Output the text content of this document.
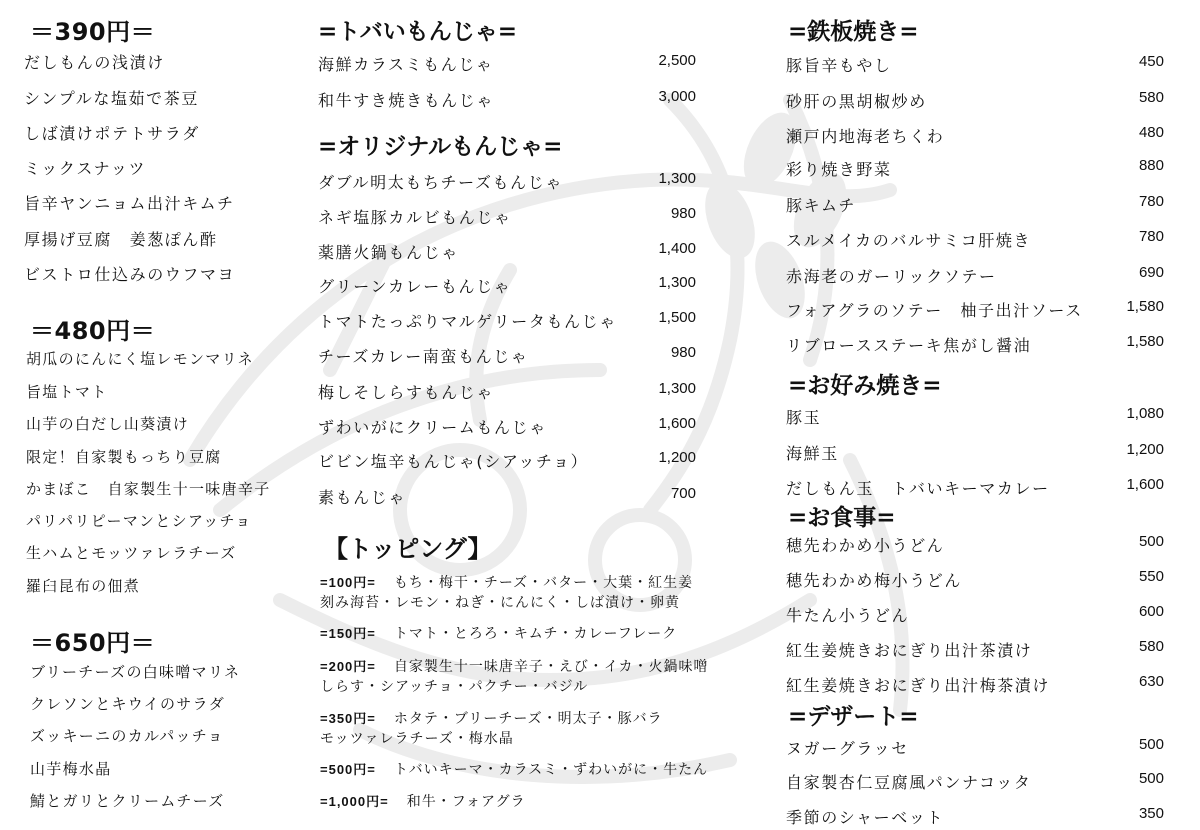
＝390円＝
だしもんの浅漬け
シンプルな塩茹で茶豆
しば漬けポテトサラダ
ミックスナッツ
旨辛ヤンニョム出汁キムチ
厚揚げ豆腐　姜葱ぽん酢
ビストロ仕込みのウフマヨ
＝480円＝
胡瓜のにんにく塩レモンマリネ
旨塩トマト
山芋の白だし山葵漬け
限定！自家製もっちり豆腐
かまぼこ　自家製生十一味唐辛子
パリパリピーマンとシアッチョ
生ハムとモッツァレラチーズ
羅臼昆布の佃煮
＝650円＝
ブリーチーズの白味噌マリネ
クレソンとキウイのサラダ
ズッキーニのカルパッチョ
山芋梅水晶
鯖とガリとクリームチーズ
=トバいもんじゃ=
海鮮カラスミもんじゃ	2,500
和牛すき焼きもんじゃ	3,000
=オリジナルもんじゃ=
ダブル明太もちチーズもんじゃ	1,300
ネギ塩豚カルビもんじゃ	980
薬膳火鍋もんじゃ	1,400
グリーンカレーもんじゃ	1,300
トマトたっぷりマルゲリータもんじゃ	1,500
チーズカレー南蛮もんじゃ	980
梅しそしらすもんじゃ	1,300
ずわいがにクリームもんじゃ	1,600
ビビン塩辛もんじゃ(シアッチョ）	1,200
素もんじゃ	700
【トッピング】
=100円= もち・梅干・チーズ・バター・大葉・紅生姜
刻み海苔・レモン・ねぎ・にんにく・しば漬け・卵黄
=150円= トマト・とろろ・キムチ・カレーフレーク
=200円= 自家製生十一味唐辛子・えび・イカ・火鍋味噌
しらす・シアッチョ・パクチー・バジル
=350円= ホタテ・ブリーチーズ・明太子・豚バラ
モッツァレラチーズ・梅水晶
=500円= トバいキーマ・カラスミ・ずわいがに・牛たん
=1,000円= 和牛・フォアグラ
=鉄板焼き=
豚旨辛もやし	450
砂肝の黒胡椒炒め	580
瀬戸内地海老ちくわ	480
彩り焼き野菜	880
豚キムチ	780
スルメイカのバルサミコ肝焼き	780
赤海老のガーリックソテー	690
フォアグラのソテー　柚子出汁ソース	1,580
リブロースステーキ焦がし醤油	1,580
=お好み焼き=
豚玉	1,080
海鮮玉	1,200
だしもん玉　トバいキーマカレー	1,600
=お食事=
穂先わかめ小うどん	500
穂先わかめ梅小うどん	550
牛たん小うどん	600
紅生姜焼きおにぎり出汁茶漬け	580
紅生姜焼きおにぎり出汁梅茶漬け	630
=デザート=
ヌガーグラッセ	500
自家製杏仁豆腐風パンナコッタ	500
季節のシャーベット	350
